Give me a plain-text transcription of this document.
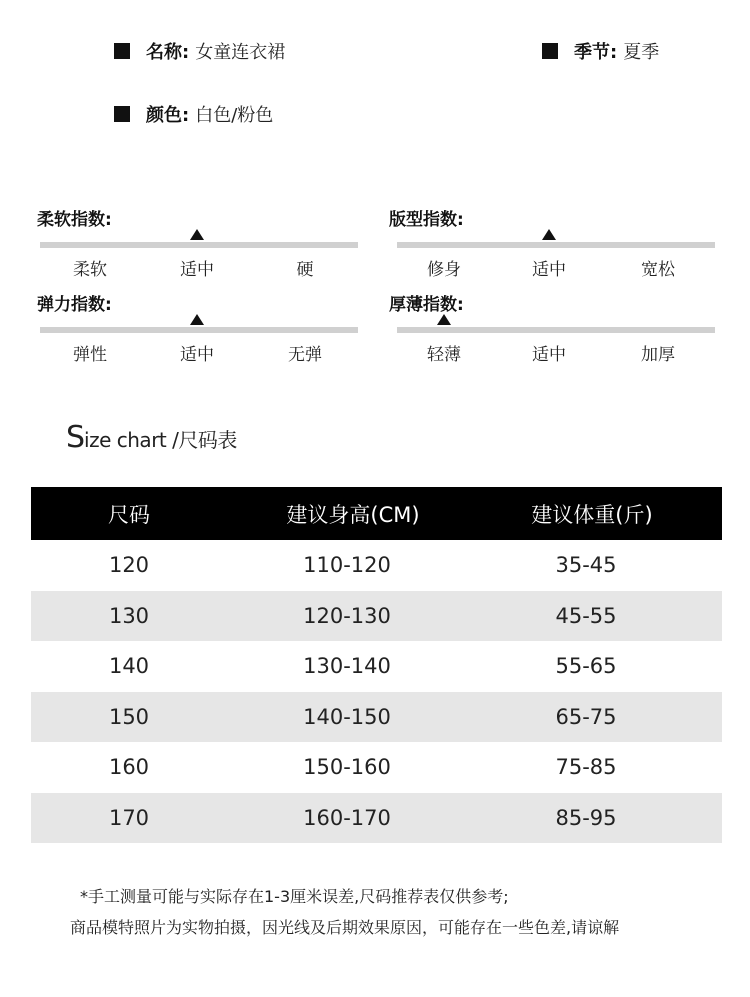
名称: 女童连衣裙	季节: 夏季
颜色: 白色/粉色
柔软指数:
柔软	适中	硬
版型指数:
修身	适中	宽松
弹力指数:
弹性	适中	无弹
厚薄指数:
轻薄	适中	加厚
Size chart /尺码表
尺码	建议身高(CM)	建议体重(斤)
120	110-120	35-45
130	120-130	45-55
140	130-140	55-65
150	140-150	65-75
160	150-160	75-85
170	160-170	85-95
*手工测量可能与实际存在1-3厘米误差,尺码推荐表仅供参考;
商品模特照片为实物拍摄，因光线及后期效果原因，可能存在一些色差,请谅解
